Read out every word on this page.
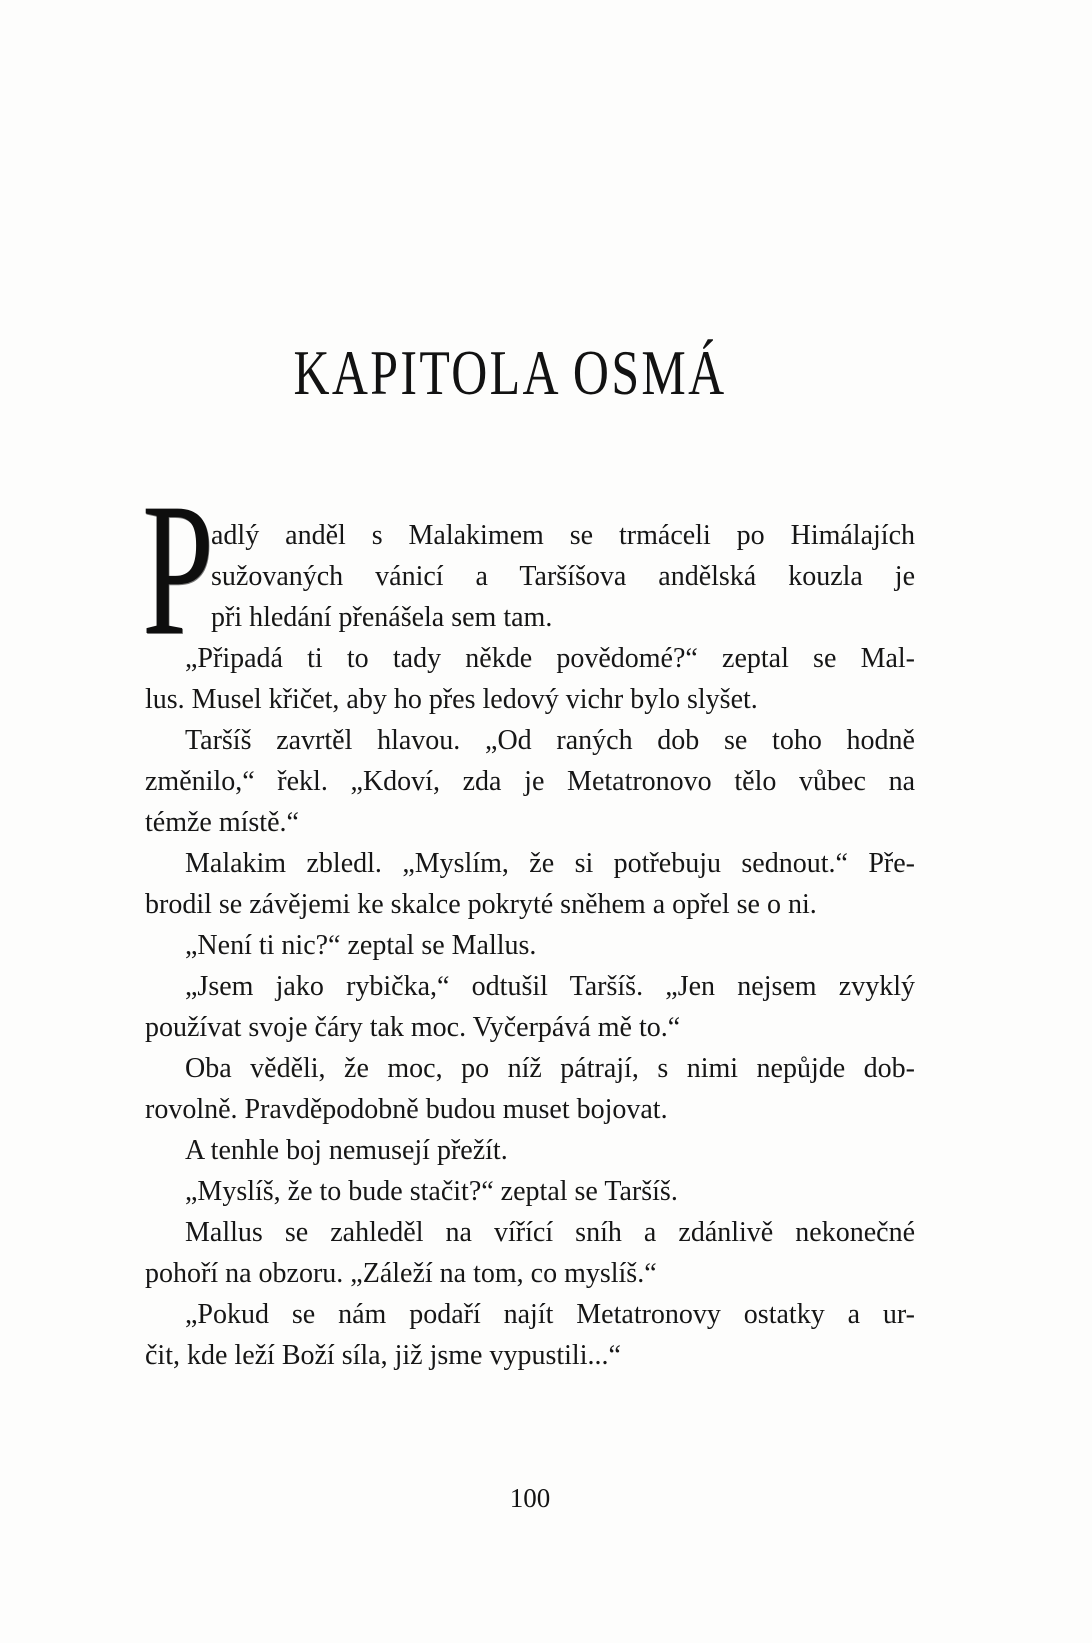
KAPITOLA OSMÁ

P
adlý anděl s Malakimem se trmáceli po Himálajích
sužovaných vánicí a Taršíšova andělská kouzla je
při hledání přenášela sem tam.

„Připadá ti to tady někde povědomé?“ zeptal se Mal-
lus. Musel křičet, aby ho přes ledový vichr bylo slyšet.

Taršíš zavrtěl hlavou. „Od raných dob se toho hodně
změnilo,“ řekl. „Kdoví, zda je Metatronovo tělo vůbec na
témže místě.“

Malakim zbledl. „Myslím, že si potřebuju sednout.“ Pře-
brodil se závějemi ke skalce pokryté sněhem a opřel se o ni.

„Není ti nic?“ zeptal se Mallus.

„Jsem jako rybička,“ odtušil Taršíš. „Jen nejsem zvyklý
používat svoje čáry tak moc. Vyčerpává mě to.“

Oba věděli, že moc, po níž pátrají, s nimi nepůjde dob-
rovolně. Pravděpodobně budou muset bojovat.

A tenhle boj nemusejí přežít.

„Myslíš, že to bude stačit?“ zeptal se Taršíš.

Mallus se zahleděl na vířící sníh a zdánlivě nekonečné
pohoří na obzoru. „Záleží na tom, co myslíš.“

„Pokud se nám podaří najít Metatronovy ostatky a ur-
čit, kde leží Boží síla, již jsme vypustili...“

100
